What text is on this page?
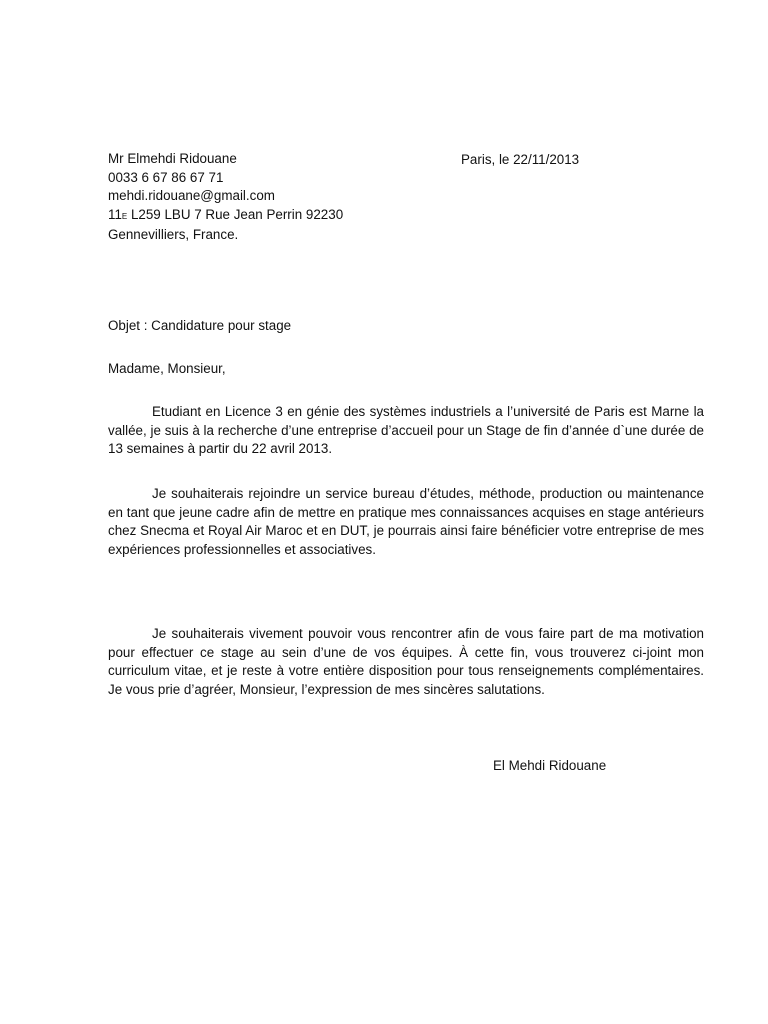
Mr Elmehdi Ridouane
0033 6 67 86 67 71
mehdi.ridouane@gmail.com
11E L259 LBU 7 Rue Jean Perrin 92230
Gennevilliers, France.
Paris, le 22/11/2013
Objet : Candidature pour stage
Madame, Monsieur,

Etudiant en Licence 3 en génie des systèmes industriels a l’université de Paris est Marne la vallée, je suis à la recherche d’une entreprise d’accueil pour un Stage de fin d’année d`une durée de 13 semaines à partir du 22 avril 2013.

Je souhaiterais rejoindre un service bureau d’études, méthode, production ou maintenance en tant que jeune cadre afin de mettre en pratique mes connaissances acquises en stage antérieurs chez Snecma et Royal Air Maroc et en DUT, je pourrais ainsi faire bénéficier votre entreprise de mes expériences professionnelles et associatives.

Je souhaiterais vivement pouvoir vous rencontrer afin de vous faire part de ma motivation pour effectuer ce stage au sein d’une de vos équipes. À cette fin, vous trouverez ci-joint mon curriculum vitae, et je reste à votre entière disposition pour tous renseignements complémentaires. Je vous prie d’agréer, Monsieur, l’expression de mes sincères salutations.

El Mehdi Ridouane
